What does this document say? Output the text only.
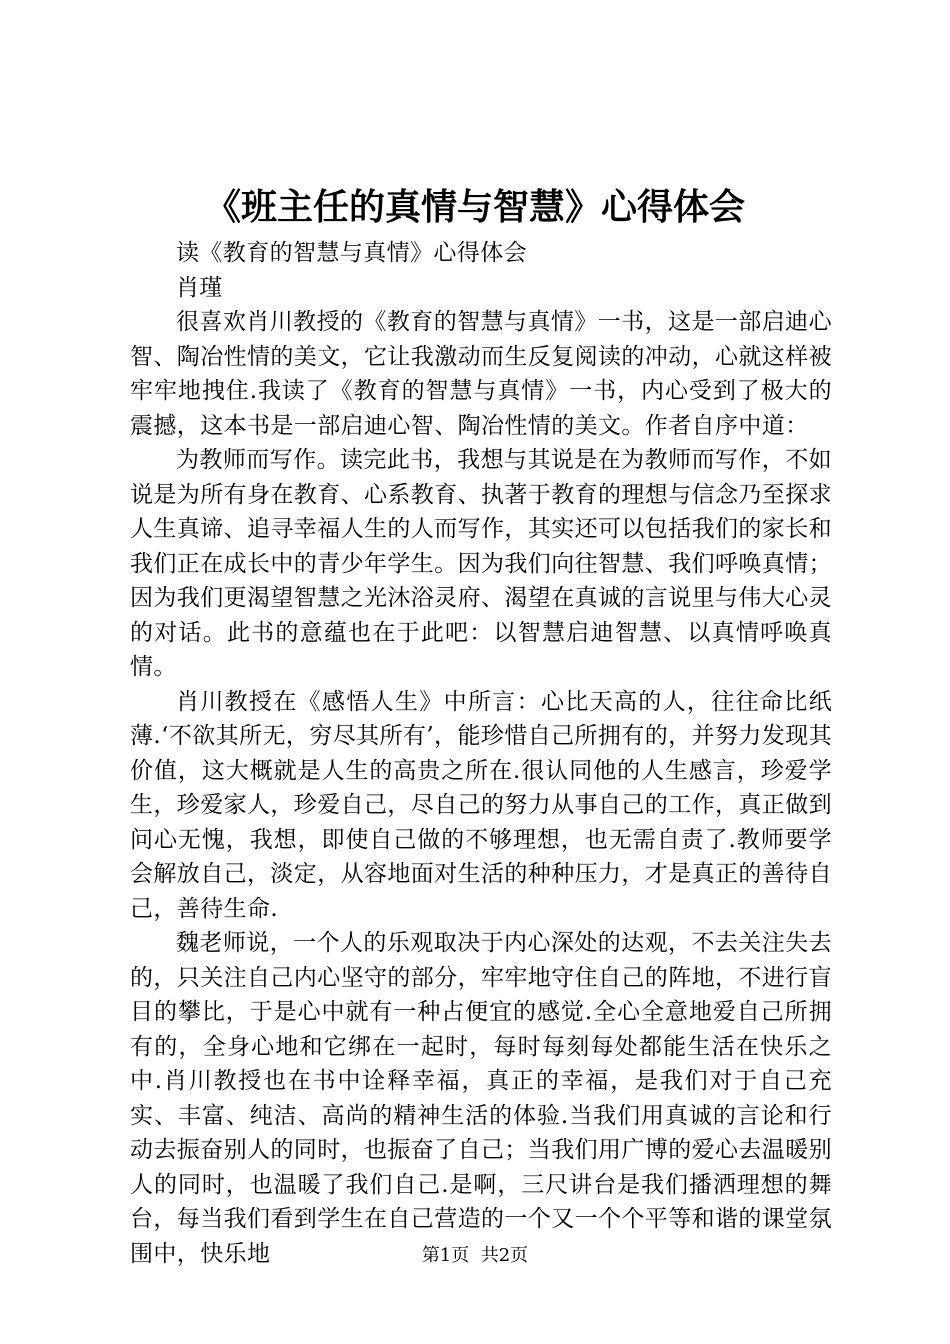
《班主任的真情与智慧》心得体会

读《教育的智慧与真情》心得体会

肖瑾

很喜欢肖川教授的《教育的智慧与真情》一书，这是一部启迪心智、陶冶性情的美文，它让我激动而生反复阅读的冲动，心就这样被牢牢地拽住.我读了《教育的智慧与真情》一书，内心受到了极大的震撼，这本书是一部启迪心智、陶冶性情的美文。作者自序中道：

为教师而写作。读完此书，我想与其说是在为教师而写作，不如说是为所有身在教育、心系教育、执著于教育的理想与信念乃至探求人生真谛、追寻幸福人生的人而写作，其实还可以包括我们的家长和我们正在成长中的青少年学生。因为我们向往智慧、我们呼唤真情；因为我们更渴望智慧之光沐浴灵府、渴望在真诚的言说里与伟大心灵的对话。此书的意蕴也在于此吧：以智慧启迪智慧、以真情呼唤真情。

肖川教授在《感悟人生》中所言：心比天高的人，往往命比纸薄.‘不欲其所无，穷尽其所有’，能珍惜自己所拥有的，并努力发现其价值，这大概就是人生的高贵之所在.很认同他的人生感言，珍爱学生，珍爱家人，珍爱自己，尽自己的努力从事自己的工作，真正做到问心无愧，我想，即使自己做的不够理想，也无需自责了.教师要学会解放自己，淡定，从容地面对生活的种种压力，才是真正的善待自己，善待生命.

魏老师说，一个人的乐观取决于内心深处的达观，不去关注失去的，只关注自己内心坚守的部分，牢牢地守住自己的阵地，不进行盲目的攀比，于是心中就有一种占便宜的感觉.全心全意地爱自己所拥有的，全身心地和它绑在一起时，每时每刻每处都能生活在快乐之中.肖川教授也在书中诠释幸福，真正的幸福，是我们对于自己充实、丰富、纯洁、高尚的精神生活的体验.当我们用真诚的言论和行动去振奋别人的同时，也振奋了自己；当我们用广博的爱心去温暖别人的同时，也温暖了我们自己.是啊，三尺讲台是我们播洒理想的舞台，每当我们看到学生在自己营造的一个又一个个平等和谐的课堂氛围中，快乐地	第1页 共2页
